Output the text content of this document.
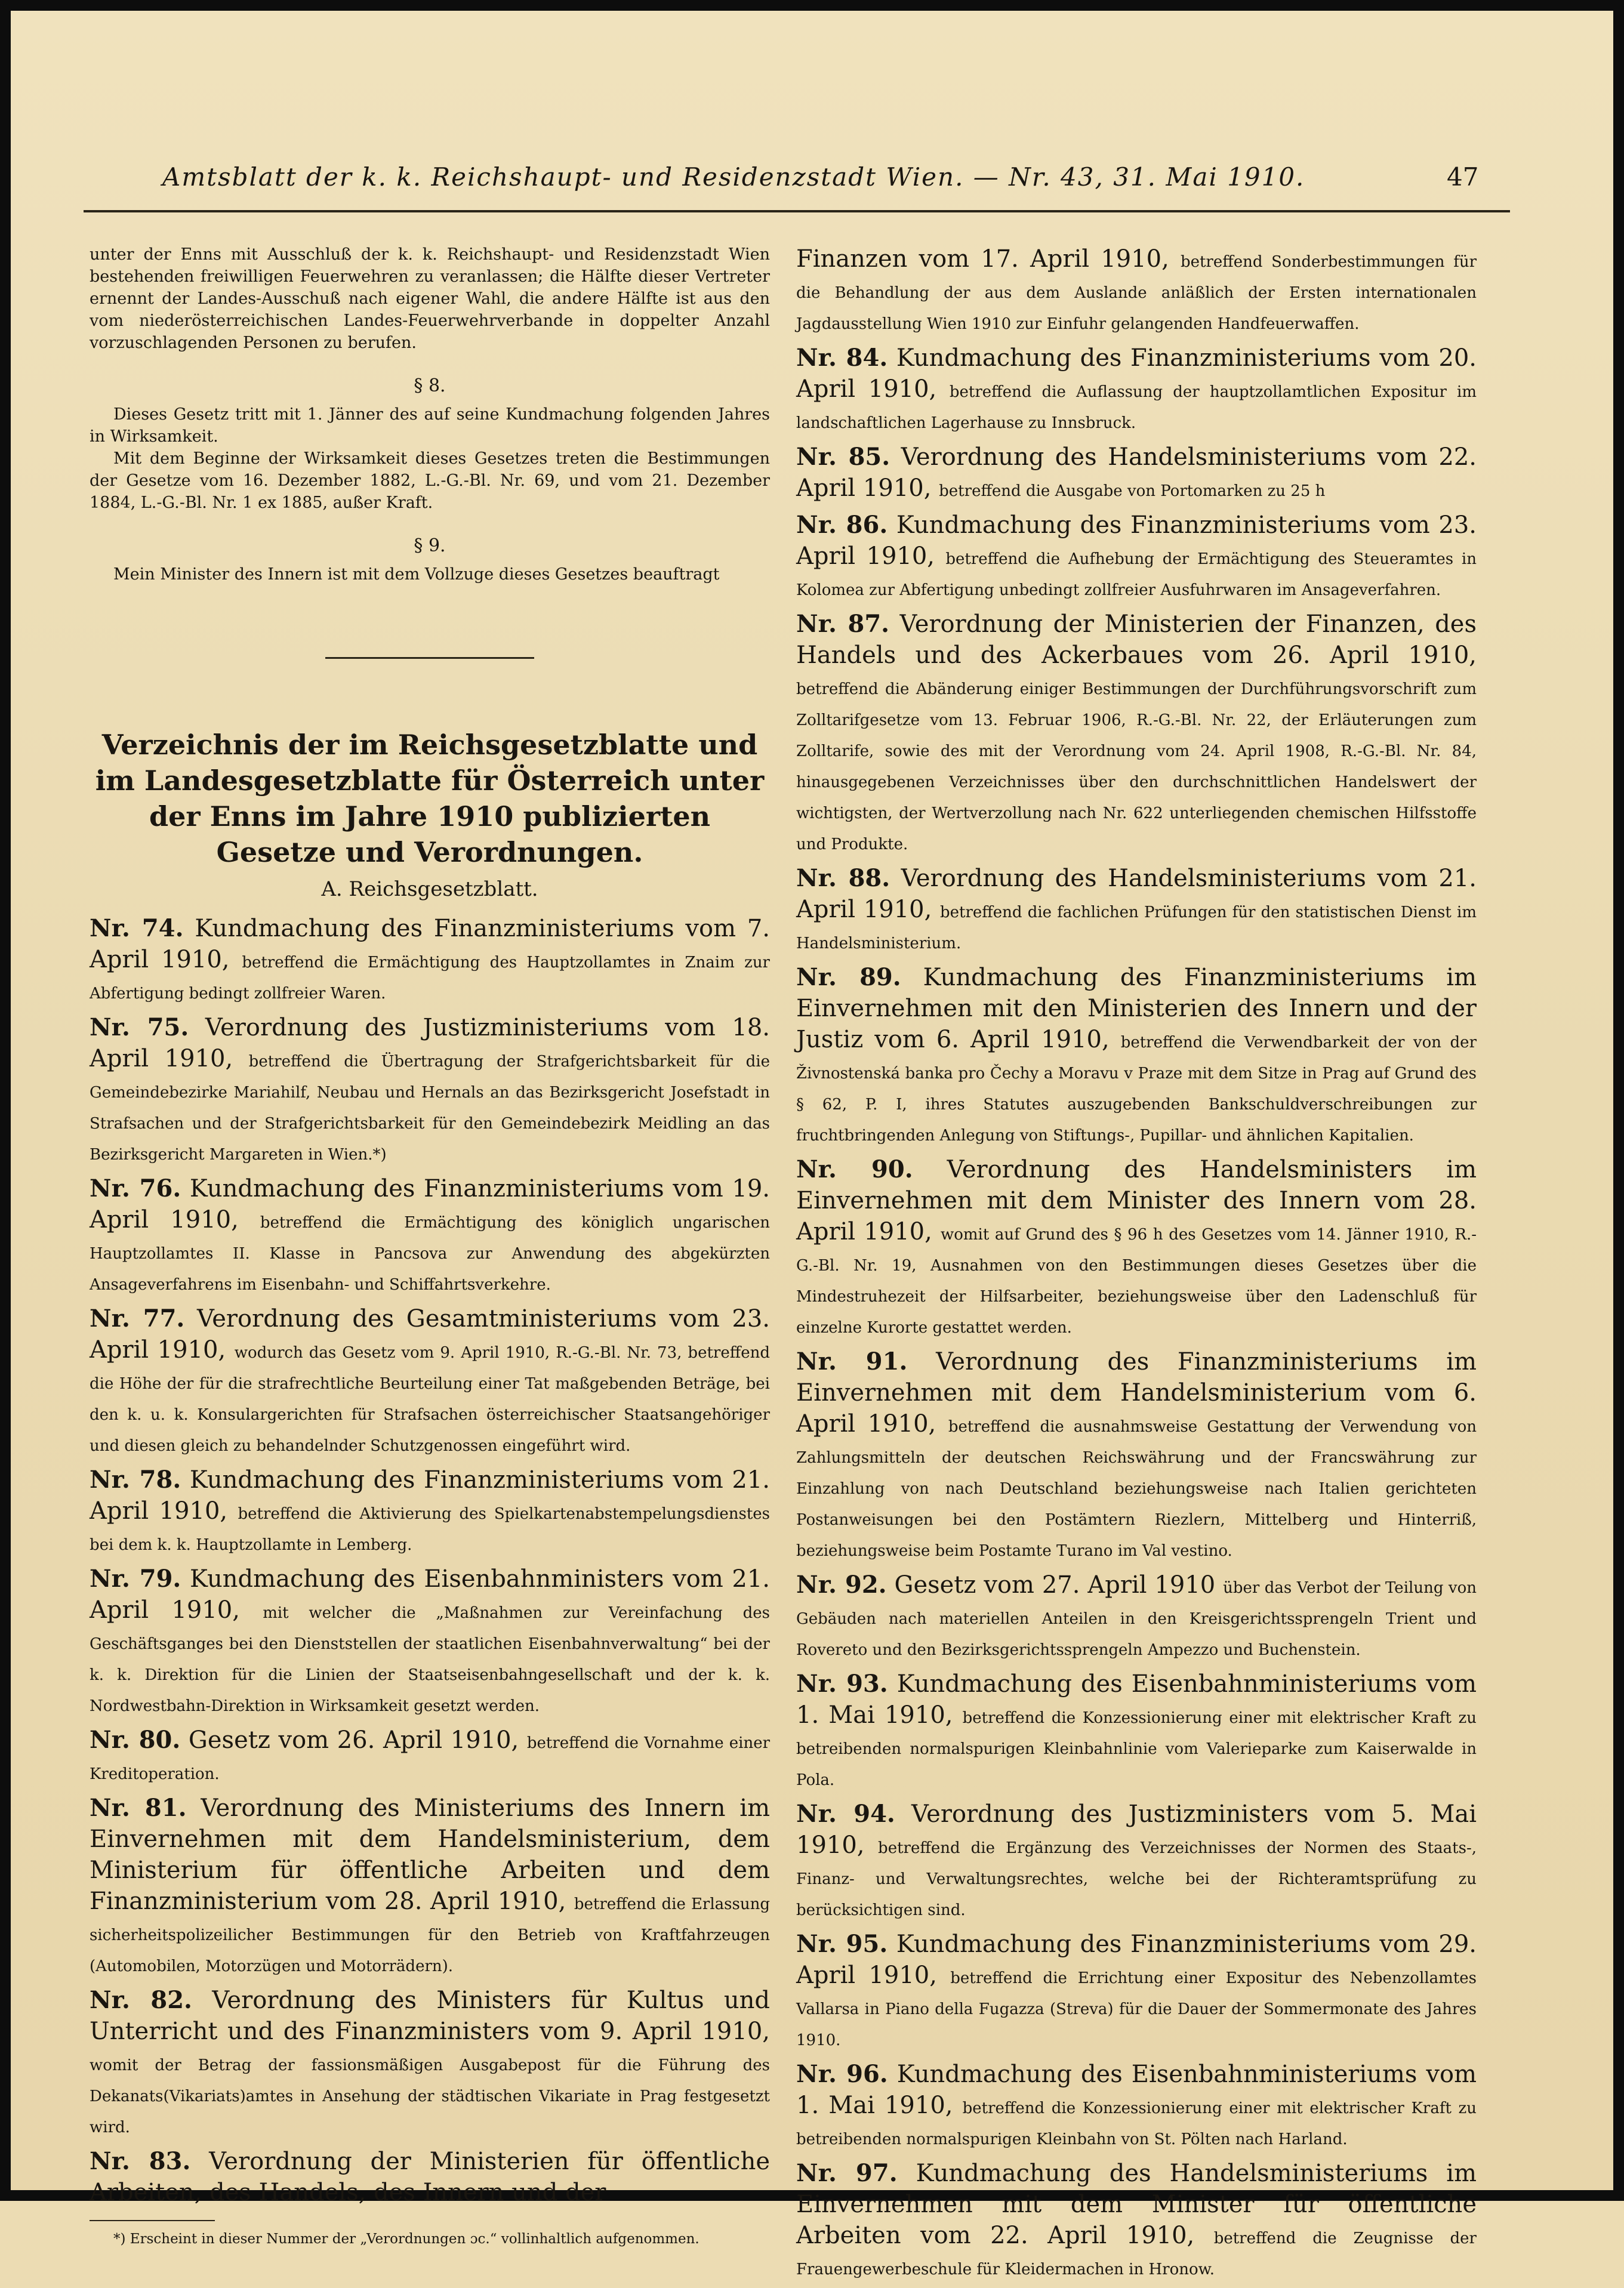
Amtsblatt der k. k. Reichshaupt- und Residenzstadt Wien. — Nr. 43, 31. Mai 1910.	47

unter der Enns mit Ausschluß der k. k. Reichshaupt- und Residenzstadt Wien bestehenden freiwilligen Feuerwehren zu veranlassen; die Hälfte dieser Vertreter ernennt der Landes-Ausschuß nach eigener Wahl, die andere Hälfte ist aus den vom niederösterreichischen Landes-Feuerwehrverbande in doppelter Anzahl vorzuschlagenden Personen zu berufen.

§ 8.

Dieses Gesetz tritt mit 1. Jänner des auf seine Kundmachung folgenden Jahres in Wirksamkeit.

Mit dem Beginne der Wirksamkeit dieses Gesetzes treten die Bestimmungen der Gesetze vom 16. Dezember 1882, L.-G.-Bl. Nr. 69, und vom 21. Dezember 1884, L.-G.-Bl. Nr. 1 ex 1885, außer Kraft.

§ 9.

Mein Minister des Innern ist mit dem Vollzuge dieses Gesetzes beauftragt

Verzeichnis der im Reichsgesetzblatte und im Landesgesetzblatte für Österreich unter der Enns im Jahre 1910 publizierten Gesetze und Verordnungen.

A. Reichsgesetzblatt.

Nr. 74. Kundmachung des Finanzministeriums vom 7. April 1910, betreffend die Ermächtigung des Hauptzollamtes in Znaim zur Abfertigung bedingt zollfreier Waren.

Nr. 75. Verordnung des Justizministeriums vom 18. April 1910, betreffend die Übertragung der Strafgerichtsbarkeit für die Gemeindebezirke Mariahilf, Neubau und Hernals an das Bezirksgericht Josefstadt in Strafsachen und der Strafgerichtsbarkeit für den Gemeindebezirk Meidling an das Bezirksgericht Margareten in Wien.*)

Nr. 76. Kundmachung des Finanzministeriums vom 19. April 1910, betreffend die Ermächtigung des königlich ungarischen Hauptzollamtes II. Klasse in Pancsova zur Anwendung des abgekürzten Ansageverfahrens im Eisenbahn- und Schiffahrtsverkehre.

Nr. 77. Verordnung des Gesamtministeriums vom 23. April 1910, wodurch das Gesetz vom 9. April 1910, R.-G.-Bl. Nr. 73, betreffend die Höhe der für die strafrechtliche Beurteilung einer Tat maßgebenden Beträge, bei den k. u. k. Konsulargerichten für Strafsachen österreichischer Staatsangehöriger und diesen gleich zu behandelnder Schutzgenossen eingeführt wird.

Nr. 78. Kundmachung des Finanzministeriums vom 21. April 1910, betreffend die Aktivierung des Spielkartenabstempelungsdienstes bei dem k. k. Hauptzollamte in Lemberg.

Nr. 79. Kundmachung des Eisenbahnministers vom 21. April 1910, mit welcher die „Maßnahmen zur Vereinfachung des Geschäftsganges bei den Dienststellen der staatlichen Eisenbahnverwaltung“ bei der k. k. Direktion für die Linien der Staatseisenbahngesellschaft und der k. k. Nordwestbahn-Direktion in Wirksamkeit gesetzt werden.

Nr. 80. Gesetz vom 26. April 1910, betreffend die Vornahme einer Kreditoperation.

Nr. 81. Verordnung des Ministeriums des Innern im Einvernehmen mit dem Handelsministerium, dem Ministerium für öffentliche Arbeiten und dem Finanzministerium vom 28. April 1910, betreffend die Erlassung sicherheitspolizeilicher Bestimmungen für den Betrieb von Kraftfahrzeugen (Automobilen, Motorzügen und Motorrädern).

Nr. 82. Verordnung des Ministers für Kultus und Unterricht und des Finanzministers vom 9. April 1910, womit der Betrag der fassionsmäßigen Ausgabepost für die Führung des Dekanats(Vikariats)amtes in Ansehung der städtischen Vikariate in Prag festgesetzt wird.

Nr. 83. Verordnung der Ministerien für öffentliche Arbeiten, des Handels, des Innern und der

*) Erscheint in dieser Nummer der „Verordnungen ɔc.“ vollinhaltlich aufgenommen.

Finanzen vom 17. April 1910, betreffend Sonderbestimmungen für die Behandlung der aus dem Auslande anläßlich der Ersten internationalen Jagdausstellung Wien 1910 zur Einfuhr gelangenden Handfeuerwaffen.

Nr. 84. Kundmachung des Finanzministeriums vom 20. April 1910, betreffend die Auflassung der hauptzollamtlichen Expositur im landschaftlichen Lagerhause zu Innsbruck.

Nr. 85. Verordnung des Handelsministeriums vom 22. April 1910, betreffend die Ausgabe von Portomarken zu 25 h

Nr. 86. Kundmachung des Finanzministeriums vom 23. April 1910, betreffend die Aufhebung der Ermächtigung des Steueramtes in Kolomea zur Abfertigung unbedingt zollfreier Ausfuhrwaren im Ansageverfahren.

Nr. 87. Verordnung der Ministerien der Finanzen, des Handels und des Ackerbaues vom 26. April 1910, betreffend die Abänderung einiger Bestimmungen der Durchführungsvorschrift zum Zolltarifgesetze vom 13. Februar 1906, R.-G.-Bl. Nr. 22, der Erläuterungen zum Zolltarife, sowie des mit der Verordnung vom 24. April 1908, R.-G.-Bl. Nr. 84, hinausgegebenen Verzeichnisses über den durchschnittlichen Handelswert der wichtigsten, der Wertverzollung nach Nr. 622 unterliegenden chemischen Hilfsstoffe und Produkte.

Nr. 88. Verordnung des Handelsministeriums vom 21. April 1910, betreffend die fachlichen Prüfungen für den statistischen Dienst im Handelsministerium.

Nr. 89. Kundmachung des Finanzministeriums im Einvernehmen mit den Ministerien des Innern und der Justiz vom 6. April 1910, betreffend die Verwendbarkeit der von der Živnostenská banka pro Čechy a Moravu v Praze mit dem Sitze in Prag auf Grund des § 62, P. I, ihres Statutes auszugebenden Bankschuldverschreibungen zur fruchtbringenden Anlegung von Stiftungs-, Pupillar- und ähnlichen Kapitalien.

Nr. 90. Verordnung des Handelsministers im Einvernehmen mit dem Minister des Innern vom 28. April 1910, womit auf Grund des § 96 h des Gesetzes vom 14. Jänner 1910, R.-G.-Bl. Nr. 19, Ausnahmen von den Bestimmungen dieses Gesetzes über die Mindestruhezeit der Hilfsarbeiter, beziehungsweise über den Ladenschluß für einzelne Kurorte gestattet werden.

Nr. 91. Verordnung des Finanzministeriums im Einvernehmen mit dem Handelsministerium vom 6. April 1910, betreffend die ausnahmsweise Gestattung der Verwendung von Zahlungsmitteln der deutschen Reichswährung und der Francswährung zur Einzahlung von nach Deutschland beziehungsweise nach Italien gerichteten Postanweisungen bei den Postämtern Riezlern, Mittelberg und Hinterriß, beziehungsweise beim Postamte Turano im Val vestino.

Nr. 92. Gesetz vom 27. April 1910 über das Verbot der Teilung von Gebäuden nach materiellen Anteilen in den Kreisgerichtssprengeln Trient und Rovereto und den Bezirksgerichtssprengeln Ampezzo und Buchenstein.

Nr. 93. Kundmachung des Eisenbahnministeriums vom 1. Mai 1910, betreffend die Konzessionierung einer mit elektrischer Kraft zu betreibenden normalspurigen Kleinbahnlinie vom Valerieparke zum Kaiserwalde in Pola.

Nr. 94. Verordnung des Justizministers vom 5. Mai 1910, betreffend die Ergänzung des Verzeichnisses der Normen des Staats-, Finanz- und Verwaltungsrechtes, welche bei der Richteramtsprüfung zu berücksichtigen sind.

Nr. 95. Kundmachung des Finanzministeriums vom 29. April 1910, betreffend die Errichtung einer Expositur des Nebenzollamtes Vallarsa in Piano della Fugazza (Streva) für die Dauer der Sommermonate des Jahres 1910.

Nr. 96. Kundmachung des Eisenbahnministeriums vom 1. Mai 1910, betreffend die Konzessionierung einer mit elektrischer Kraft zu betreibenden normalspurigen Kleinbahn von St. Pölten nach Harland.

Nr. 97. Kundmachung des Handelsministeriums im Einvernehmen mit dem Minister für öffentliche Arbeiten vom 22. April 1910, betreffend die Zeugnisse der Frauengewerbeschule für Kleidermachen in Hronow.
